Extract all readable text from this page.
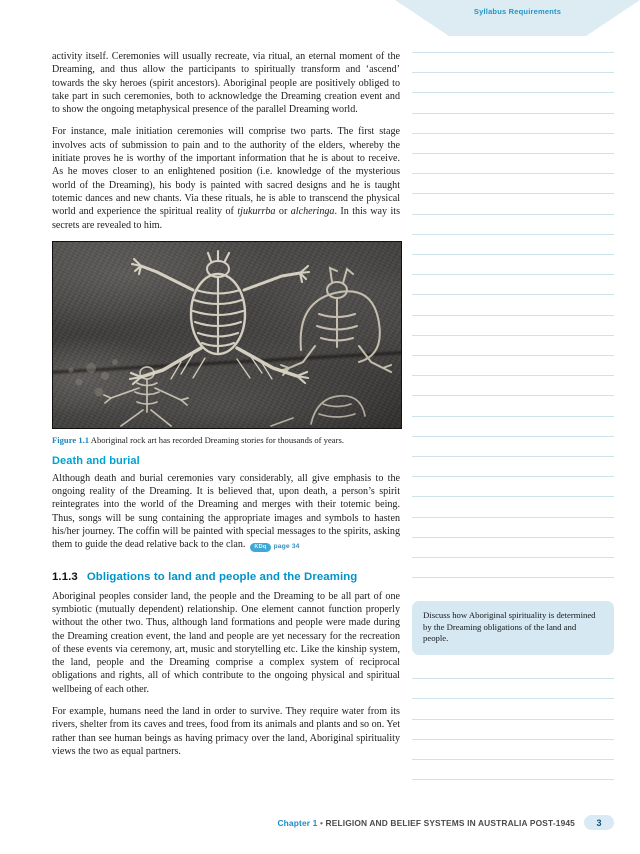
Syllabus Requirements

activity itself. Ceremonies will usually recreate, via ritual, an eternal moment of the Dreaming, and thus allow the participants to spiritually transform and ‘ascend’ towards the sky heroes (spirit ancestors). Aboriginal people are positively obliged to take part in such ceremonies, both to acknowledge the Dreaming creation event and to show the ongoing metaphysical presence of the parallel Dreaming world.

For instance, male initiation ceremonies will comprise two parts. The first stage involves acts of submission to pain and to the authority of the elders, whereby the initiate proves he is worthy of the important information that he is about to receive. As he moves closer to an enlightened position (i.e. knowledge of the mysterious world of the Dreaming), his body is painted with sacred designs and he is taught totemic dances and new chants. Via these rituals, he is able to transcend the physical world and experience the spiritual reality of tjukurrba or alcheringa. In this way its secrets are revealed to him.

Figure 1.1 Aboriginal rock art has recorded Dreaming stories for thousands of years.
Death and burial

Although death and burial ceremonies vary considerably, all give emphasis to the ongoing reality of the Dreaming. It is believed that, upon death, a person’s spirit reintegrates into the world of the Dreaming and merges with their totemic being. Thus, songs will be sung containing the appropriate images and symbols to hasten his/her journey. The coffin will be painted with special messages to the spirits, asking them to guide the dead relative back to the clan. KDq page 34

1.1.3 Obligations to land and people and the Dreaming

Aboriginal peoples consider land, the people and the Dreaming to be all part of one symbiotic (mutually dependent) relationship. One element cannot function properly without the other two. Thus, although land formations and people were made during the Dreaming creation event, the land and people are yet necessary for the recreation of these events via ceremony, art, music and storytelling etc. Like the kinship system, the land, people and the Dreaming comprise a complex system of reciprocal obligations and rights, all of which contribute to the ongoing physical and spiritual wellbeing of each other.

For example, humans need the land in order to survive. They require water from its rivers, shelter from its caves and trees, food from its animals and plants and so on. Yet rather than see human beings as having primacy over the land, Aboriginal spirituality views the two as equal partners.

Discuss how Aboriginal spirituality is determined by the Dreaming obligations of the land and people.

Chapter 1 • RELIGION AND BELIEF SYSTEMS IN AUSTRALIA POST-1945	3
